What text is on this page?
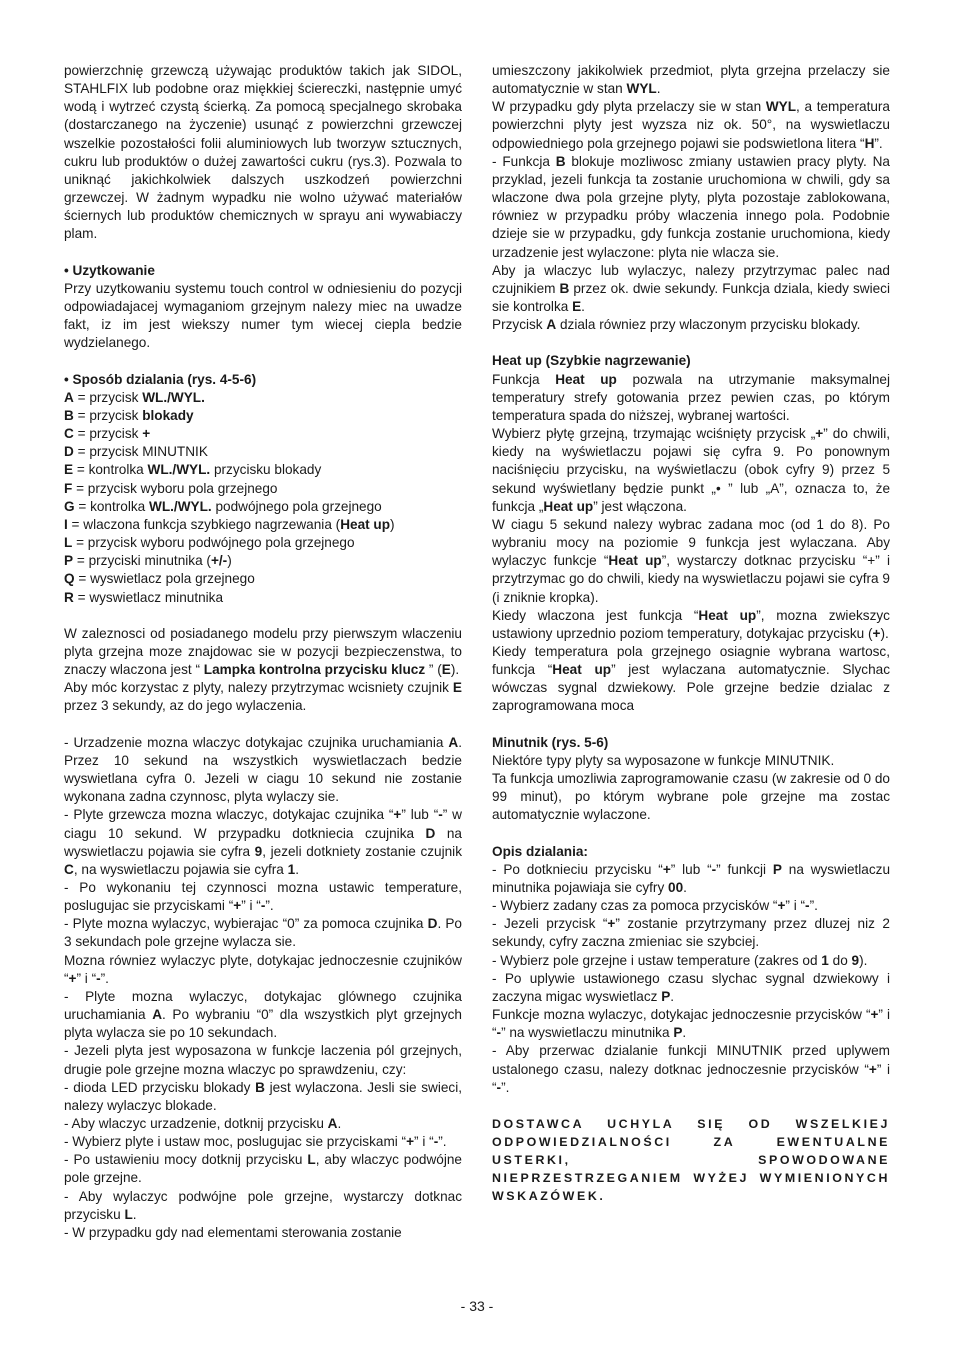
powierzchnię grzewczą używając produktów takich jak SIDOL, STAHLFIX lub podobne oraz miękkiej ściereczki, następnie umyć wodą i wytrzeć czystą ścierką. Za pomocą specjalnego skrobaka (dostarczanego na życzenie) usunąć z powierzchni grzewczej wszelkie pozostałości folii aluminiowych lub tworzyw sztucznych, cukru lub produktów o dużej zawartości cukru (rys.3). Pozwala to uniknąć jakichkolwiek dalszych uszkodzeń powierzchni grzewczej. W żadnym wypadku nie wolno używać materiałów ściernych lub produktów chemicznych w sprayu ani wywabiaczy plam.

• Uzytkowanie

Przy uzytkowaniu systemu touch control w odniesieniu do pozycji odpowiadajacej wymaganiom grzejnym nalezy miec na uwadze fakt, iz im jest wiekszy numer tym wiecej ciepla bedzie wydzielanego.

• Sposób dzialania (rys. 4-5-6)

A = przycisk WL./WYL.

B = przycisk blokady

C = przycisk +

D = przycisk MINUTNIK

E = kontrolka WL./WYL. przycisku blokady

F = przycisk wyboru pola grzejnego

G = kontrolka WL./WYL. podwójnego pola grzejnego

I = wlaczona funkcja szybkiego nagrzewania (Heat up)

L = przycisk wyboru podwójnego pola grzejnego

P = przyciski minutnika (+/-)

Q = wyswietlacz pola grzejnego

R = wyswietlacz minutnika

W zaleznosci od posiadanego modelu przy pierwszym wlaczeniu plyta grzejna moze znajdowac sie w pozycji bezpieczenstwa, to znaczy wlaczona jest “ Lampka kontrolna przycisku klucz ” (E).

Aby móc korzystac z plyty, nalezy przytrzymac wcisniety czujnik E przez 3 sekundy, az do jego wylaczenia.

- Urzadzenie mozna wlaczyc dotykajac czujnika uruchamiania A. Przez 10 sekund na wszystkich wyswietlaczach bedzie wyswietlana cyfra 0. Jezeli w ciagu 10 sekund nie zostanie wykonana zadna czynnosc, plyta wylaczy sie.

- Plyte grzewcza mozna wlaczyc, dotykajac czujnika “+” lub “-” w ciagu 10 sekund. W przypadku dotkniecia czujnika D na wyswietlaczu pojawia sie cyfra 9, jezeli dotkniety zostanie czujnik C, na wyswietlaczu pojawia sie cyfra 1.

- Po wykonaniu tej czynnosci mozna ustawic temperature, poslugujac sie przyciskami “+” i “-”.

- Plyte mozna wylaczyc, wybierajac “0” za pomoca czujnika D. Po 3 sekundach pole grzejne wylacza sie.

Mozna równiez wylaczyc plyte, dotykajac jednoczesnie czujników “+” i “-”.

- Plyte mozna wylaczyc, dotykajac glównego czujnika uruchamiania A. Po wybraniu “0” dla wszystkich plyt grzejnych plyta wylacza sie po 10 sekundach.

- Jezeli plyta jest wyposazona w funkcje laczenia pól grzejnych, drugie pole grzejne mozna wlaczyc po sprawdzeniu, czy:

- dioda LED przycisku blokady B jest wylaczona. Jesli sie swieci, nalezy wylaczyc blokade.

- Aby wlaczyc urzadzenie, dotknij przycisku A.

- Wybierz plyte i ustaw moc, poslugujac sie przyciskami “+” i “-”.

- Po ustawieniu mocy dotknij przycisku L, aby wlaczyc podwójne pole grzejne.

- Aby wylaczyc podwójne pole grzejne, wystarczy dotknac przycisku L.

- W przypadku gdy nad elementami sterowania zostanie

umieszczony jakikolwiek przedmiot, plyta grzejna przelaczy sie automatycznie w stan WYL.

W przypadku gdy plyta przelaczy sie w stan WYL, a temperatura powierzchni plyty jest wyzsza niz ok. 50°, na wyswietlaczu odpowiedniego pola grzejnego pojawi sie podswietlona litera “H”.

- Funkcja B blokuje mozliwosc zmiany ustawien pracy plyty. Na przyklad, jezeli funkcja ta zostanie uruchomiona w chwili, gdy sa wlaczone dwa pola grzejne plyty, plyta pozostaje zablokowana, równiez w przypadku próby wlaczenia innego pola. Podobnie dzieje sie w przypadku, gdy funkcja zostanie uruchomiona, kiedy urzadzenie jest wylaczone: plyta nie wlacza sie.

Aby ja wlaczyc lub wylaczyc, nalezy przytrzymac palec nad czujnikiem B przez ok. dwie sekundy. Funkcja dziala, kiedy swieci sie kontrolka E.

Przycisk A dziala równiez przy wlaczonym przycisku blokady.

Heat up (Szybkie nagrzewanie)

Funkcja Heat up pozwala na utrzymanie maksymalnej temperatury strefy gotowania przez pewien czas, po którym temperatura spada do niższej, wybranej wartości.

Wybierz płytę grzejną, trzymając wciśnięty przycisk „+” do chwili, kiedy na wyświetlaczu pojawi się cyfra 9. Po ponownym naciśnięciu przycisku, na wyświetlaczu (obok cyfry 9) przez 5 sekund wyświetlany będzie punkt „• ” lub „A”, oznacza to, że funkcja „Heat up” jest włączona.

W ciagu 5 sekund nalezy wybrac zadana moc (od 1 do 8). Po wybraniu mocy na poziomie 9 funkcja jest wylaczana. Aby wylaczyc funkcje “Heat up”, wystarczy dotknac przycisku “+” i przytrzymac go do chwili, kiedy na wyswietlaczu pojawi sie cyfra 9 (i zniknie kropka).

Kiedy wlaczona jest funkcja “Heat up”, mozna zwiekszyc ustawiony uprzednio poziom temperatury, dotykajac przycisku (+).

Kiedy temperatura pola grzejnego osiagnie wybrana wartosc, funkcja “Heat up” jest wylaczana automatycznie. Slychac wówczas sygnal dzwiekowy. Pole grzejne bedzie dzialac z zaprogramowana moca

Minutnik (rys. 5-6)

Niektóre typy plyty sa wyposazone w funkcje MINUTNIK.

Ta funkcja umozliwia zaprogramowanie czasu (w zakresie od 0 do 99 minut), po którym wybrane pole grzejne ma zostac automatycznie wylaczone.

Opis dzialania:

- Po dotknieciu przycisku “+” lub “-” funkcji P na wyswietlaczu minutnika pojawiaja sie cyfry 00.

- Wybierz zadany czas za pomoca przycisków “+” i “-”.

- Jezeli przycisk “+” zostanie przytrzymany przez dluzej niz 2 sekundy, cyfry zaczna zmieniac sie szybciej.

- Wybierz pole grzejne i ustaw temperature (zakres od 1 do 9).

- Po uplywie ustawionego czasu slychac sygnal dzwiekowy i zaczyna migac wyswietlacz P.

Funkcje mozna wylaczyc, dotykajac jednoczesnie przycisków “+” i “-” na wyswietlaczu minutnika P.

- Aby przerwac dzialanie funkcji MINUTNIK przed uplywem ustalonego czasu, nalezy dotknac jednoczesnie przycisków “+” i “-”.

DOSTAWCA UCHYLA SIĘ OD WSZELKIEJ ODPOWIEDZIALNOŚCI ZA EWENTUALNE USTERKI, SPOWODOWANE NIEPRZESTRZEGANIEM WYŻEJ WYMIENIONYCH WSKAZÓWEK.

- 33 -
